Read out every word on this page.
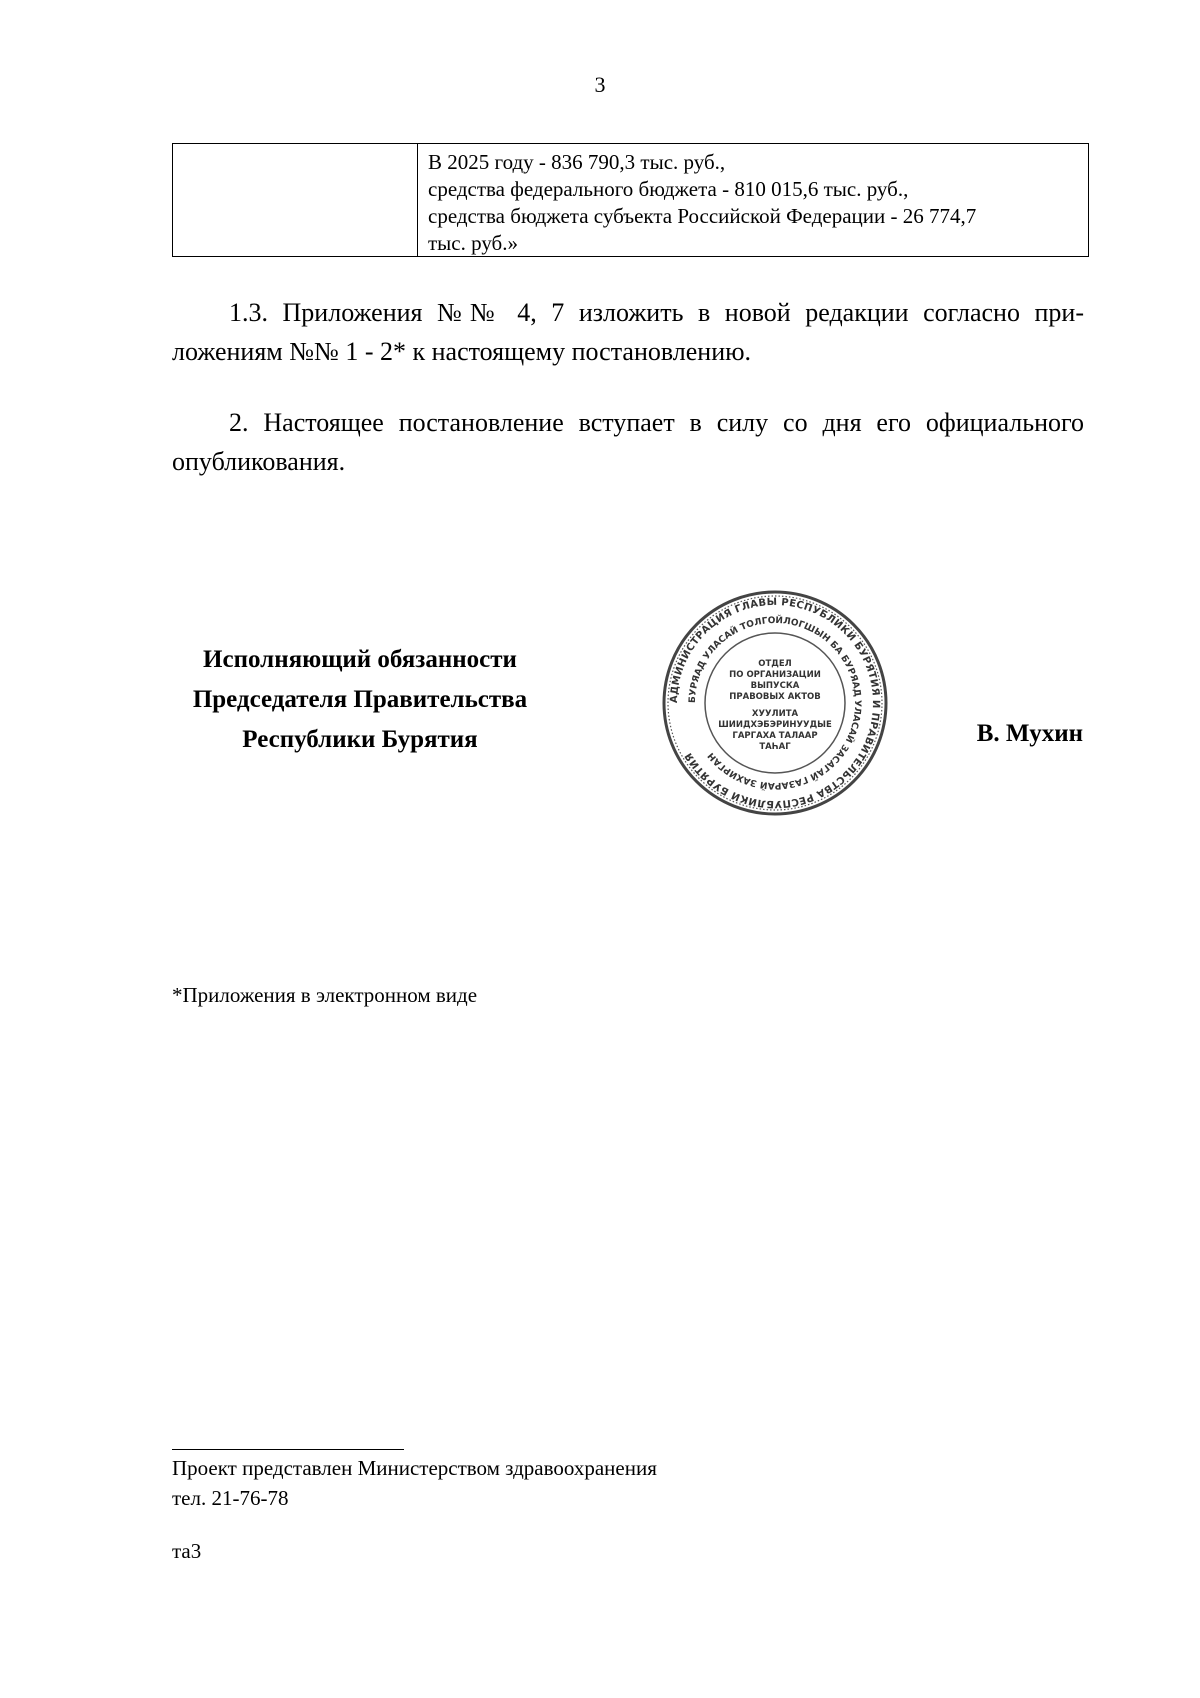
3
В 2025 году - 836 790,3 тыс. руб.,
средства федерального бюджета - 810 015,6 тыс. руб.,
средства бюджета субъекта Российской Федерации - 26 774,7
тыс. руб.»
1.3. Приложения №№ 4, 7 изложить в новой редакции согласно при-
ложениям №№ 1 - 2* к настоящему постановлению.
2. Настоящее постановление вступает в силу со дня его официального
опубликования.
Исполняющий обязанности
Председателя Правительства
Республики Бурятия
АДМИНИСТРАЦИЯ ГЛАВЫ РЕСПУБЛИКИ БУРЯТИЯ И ПРАВИТЕЛЬСТВА РЕСПУБЛИКИ БУРЯТИЯ
БУРЯАД УЛАСАЙ ТОЛГОЙЛОГШЫН БА БУРЯАД УЛАСАЙ ЗАСАГАЙ ГАЗАРАЙ ЗАХИРГАН
ОТДЕЛ
ПО ОРГАНИЗАЦИИ
ВЫПУСКА
ПРАВОВЫХ АКТОВ
ХУУЛИТА
ШИИДХЭБЭРИНУУДЫЕ
ГАРГАХА ТАЛААР
ТАҺАГ	В. Мухин
*Приложения в электронном виде
Проект представлен Министерством здравоохранения
тел. 21-76-78
та3
